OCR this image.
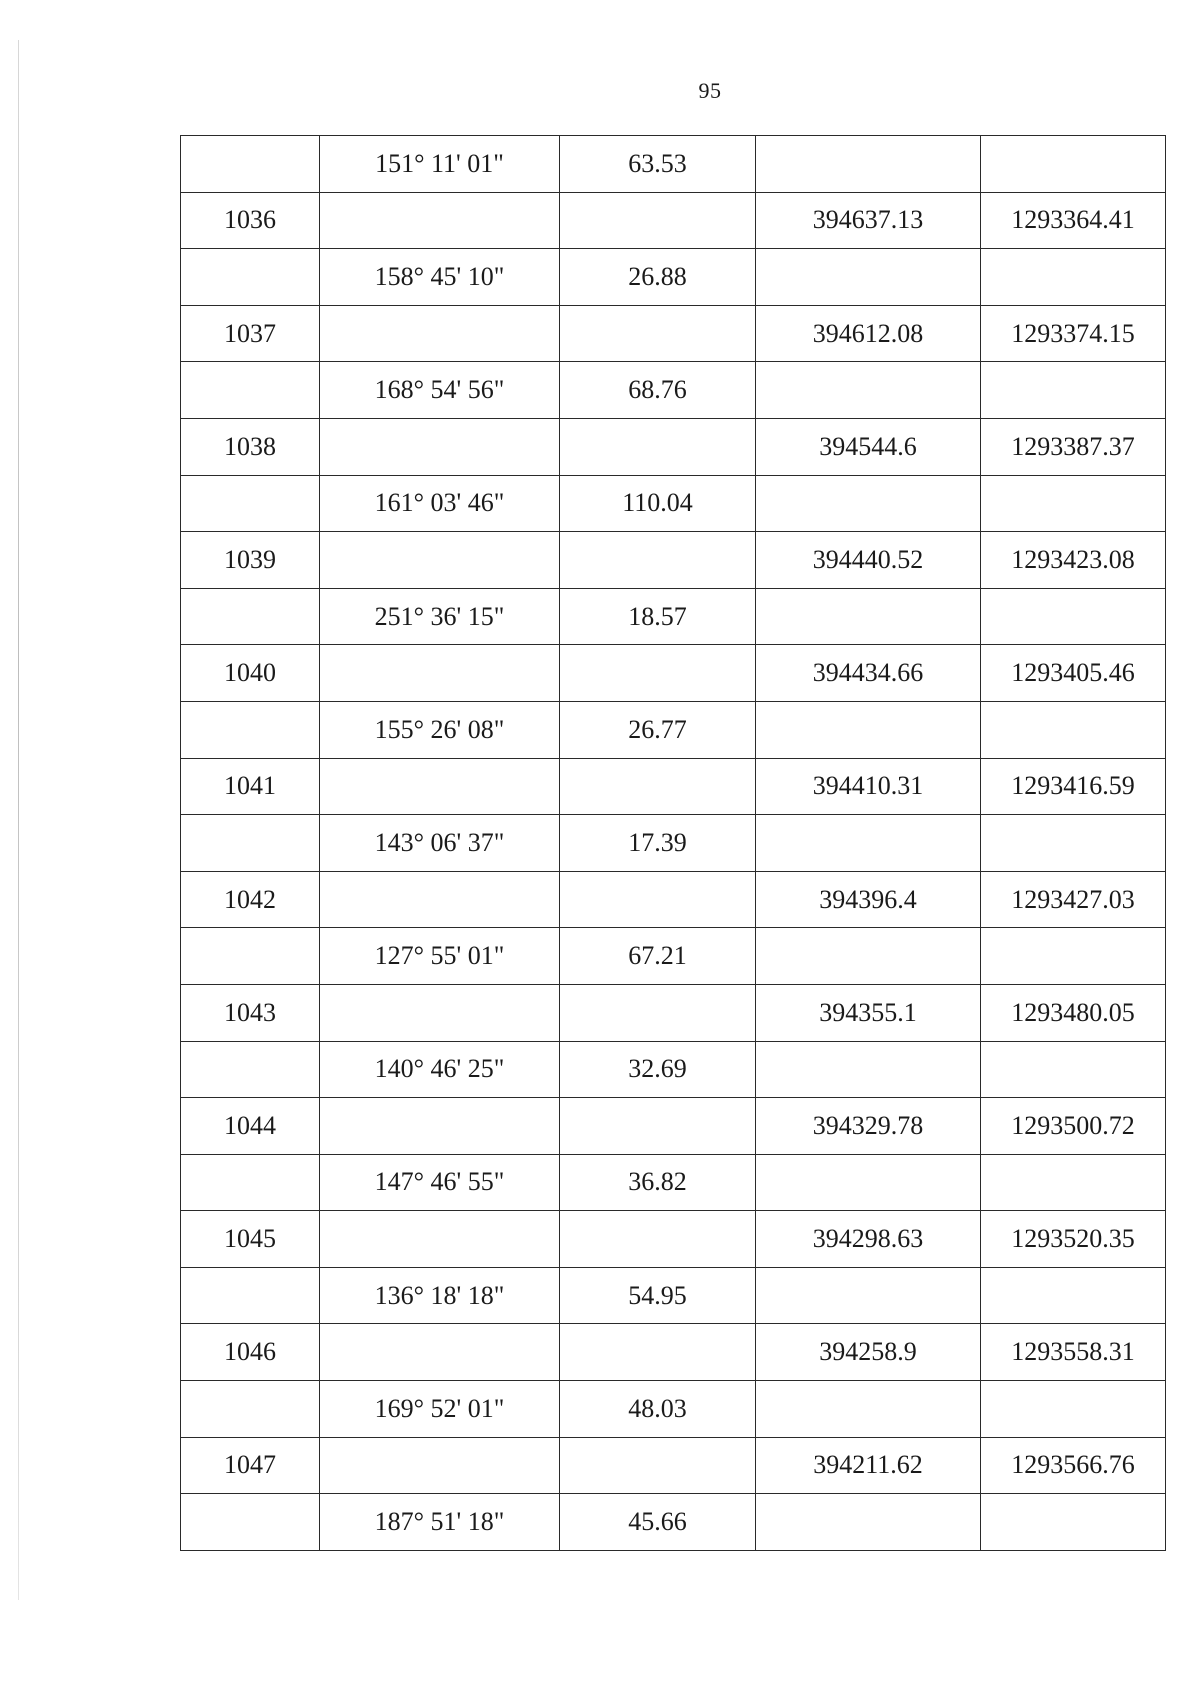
95
	151° 11' 01"	63.53		
1036			394637.13	1293364.41
	158° 45' 10"	26.88		
1037			394612.08	1293374.15
	168° 54' 56"	68.76		
1038			394544.6	1293387.37
	161° 03' 46"	110.04		
1039			394440.52	1293423.08
	251° 36' 15"	18.57		
1040			394434.66	1293405.46
	155° 26' 08"	26.77		
1041			394410.31	1293416.59
	143° 06' 37"	17.39		
1042			394396.4	1293427.03
	127° 55' 01"	67.21		
1043			394355.1	1293480.05
	140° 46' 25"	32.69		
1044			394329.78	1293500.72
	147° 46' 55"	36.82		
1045			394298.63	1293520.35
	136° 18' 18"	54.95		
1046			394258.9	1293558.31
	169° 52' 01"	48.03		
1047			394211.62	1293566.76
	187° 51' 18"	45.66		
